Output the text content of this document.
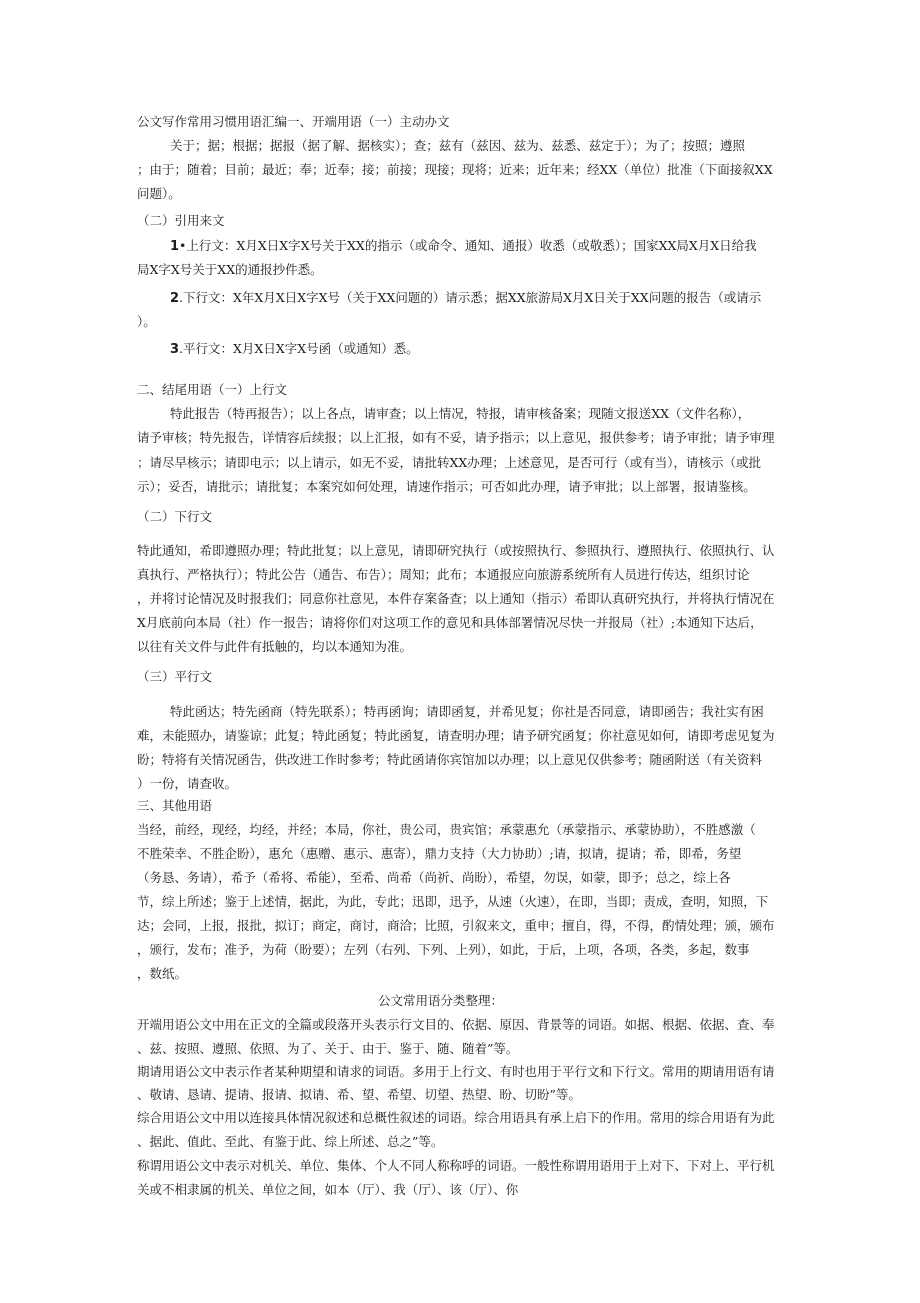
公文写作常用习惯用语汇编一、开端用语（一）主动办文
关于；据；根据；据报（据了解、据核实）；查；兹有（兹因、兹为、兹悉、兹定于）；为了；按照；遵照
；由于；随着；目前；最近；奉；近奉；接；前接；现接；现将；近来；近年来；经XX（单位）批准（下面接叙XX
问题）。
（二）引用来文
1•上行文：X月X日X字X号关于XX的指示（或命令、通知、通报）收悉（或敬悉）；国家XX局X月X日给我
局X字X号关于XX的通报抄件悉。
2.下行文：X年X月X日X字X号（关于XX问题的）请示悉；据XX旅游局X月X日关于XX问题的报告（或请示
）。
3.平行文：X月X日X字X号函（或通知）悉。
二、结尾用语（一）上行文
特此报告（特再报告）；以上各点，请审查；以上情况，特报，请审核备案；现随文报送XX（文件名称），
请予审核；特先报告，详情容后续报；以上汇报，如有不妥，请予指示；以上意见，报供参考；请予审批；请予审理
；请尽早核示；请即电示；以上请示，如无不妥，请批转XX办理；上述意见，是否可行（或有当），请核示（或批
示）；妥否，请批示；请批复；本案究如何处理，请速作指示；可否如此办理，请予审批；以上部署，报请鉴核。
（二）下行文
特此通知，希即遵照办理；特此批复；以上意见，请即研究执行（或按照执行、参照执行、遵照执行、依照执行、认
真执行、严格执行）；特此公告（通告、布告）；周知；此布；本通报应向旅游系统所有人员进行传达，组织讨论
，并将讨论情况及时报我们；同意你社意见，本件存案备查；以上通知（指示）希即认真研究执行，并将执行情况在
X月底前向本局（社）作一报告；请将你们对这项工作的意见和具体部署情况尽快一并报局（社）;本通知下达后，
以往有关文件与此件有抵触的，均以本通知为准。
（三）平行文
特此函达；特先函商（特先联系）；特再函询；请即函复，并希见复；你社是否同意，请即函告；我社实有困
难，未能照办，请鉴谅；此复；特此函复；特此函复，请查明办理；请予研究函复；你社意见如何，请即考虑见复为
盼；特将有关情况函告，供改进工作时参考；特此函请你宾馆加以办理；以上意见仅供参考；随函附送（有关资料
）一份，请查收。
三、其他用语
当经，前经，现经，均经，并经；本局，你社，贵公司，贵宾馆；承蒙惠允（承蒙指示、承蒙协助），不胜感激（
不胜荣幸、不胜企盼），惠允（惠赠、惠示、惠寄），鼎力支持（大力协助）;请，拟请，提请；希，即希，务望
（务恳、务请），希予（希将、希能），至希、尚希（尚祈、尚盼），希望，勿误，如蒙，即予；总之，综上各
节，综上所述；鉴于上述情，据此，为此，专此；迅即，迅予，从速（火速），在即，当即；责成，查明，知照，下
达；会同，上报，报批，拟订；商定，商讨，商洽；比照，引叙来文，重申；擅自，得，不得，酌情处理；颁，颁布
，颁行，发布；准予，为荷（盼要）；左列（右列、下列、上列），如此，于后，上项，各项，各类，多起，数事
，数纸。
公文常用语分类整理：
开端用语公文中用在正文的全篇或段落开头表示行文目的、依据、原因、背景等的词语。如据、根据、依据、查、奉
、兹、按照、遵照、依照、为了、关于、由于、鉴于、随、随着”等。
期请用语公文中表示作者某种期望和请求的词语。多用于上行文、有时也用于平行文和下行文。常用的期请用语有请
、敬请、恳请、提请、报请、拟请、希、望、希望、切望、热望、盼、切盼”等。
综合用语公文中用以连接具体情况叙述和总概性叙述的词语。综合用语具有承上启下的作用。常用的综合用语有为此
、据此、值此、至此、有鉴于此、综上所述、总之”等。
称谓用语公文中表示对机关、单位、集体、个人不同人称称呼的词语。一般性称谓用语用于上对下、下对上、平行机
关或不相隶属的机关、单位之间，如本（厅）、我（厅）、该（厅）、你
